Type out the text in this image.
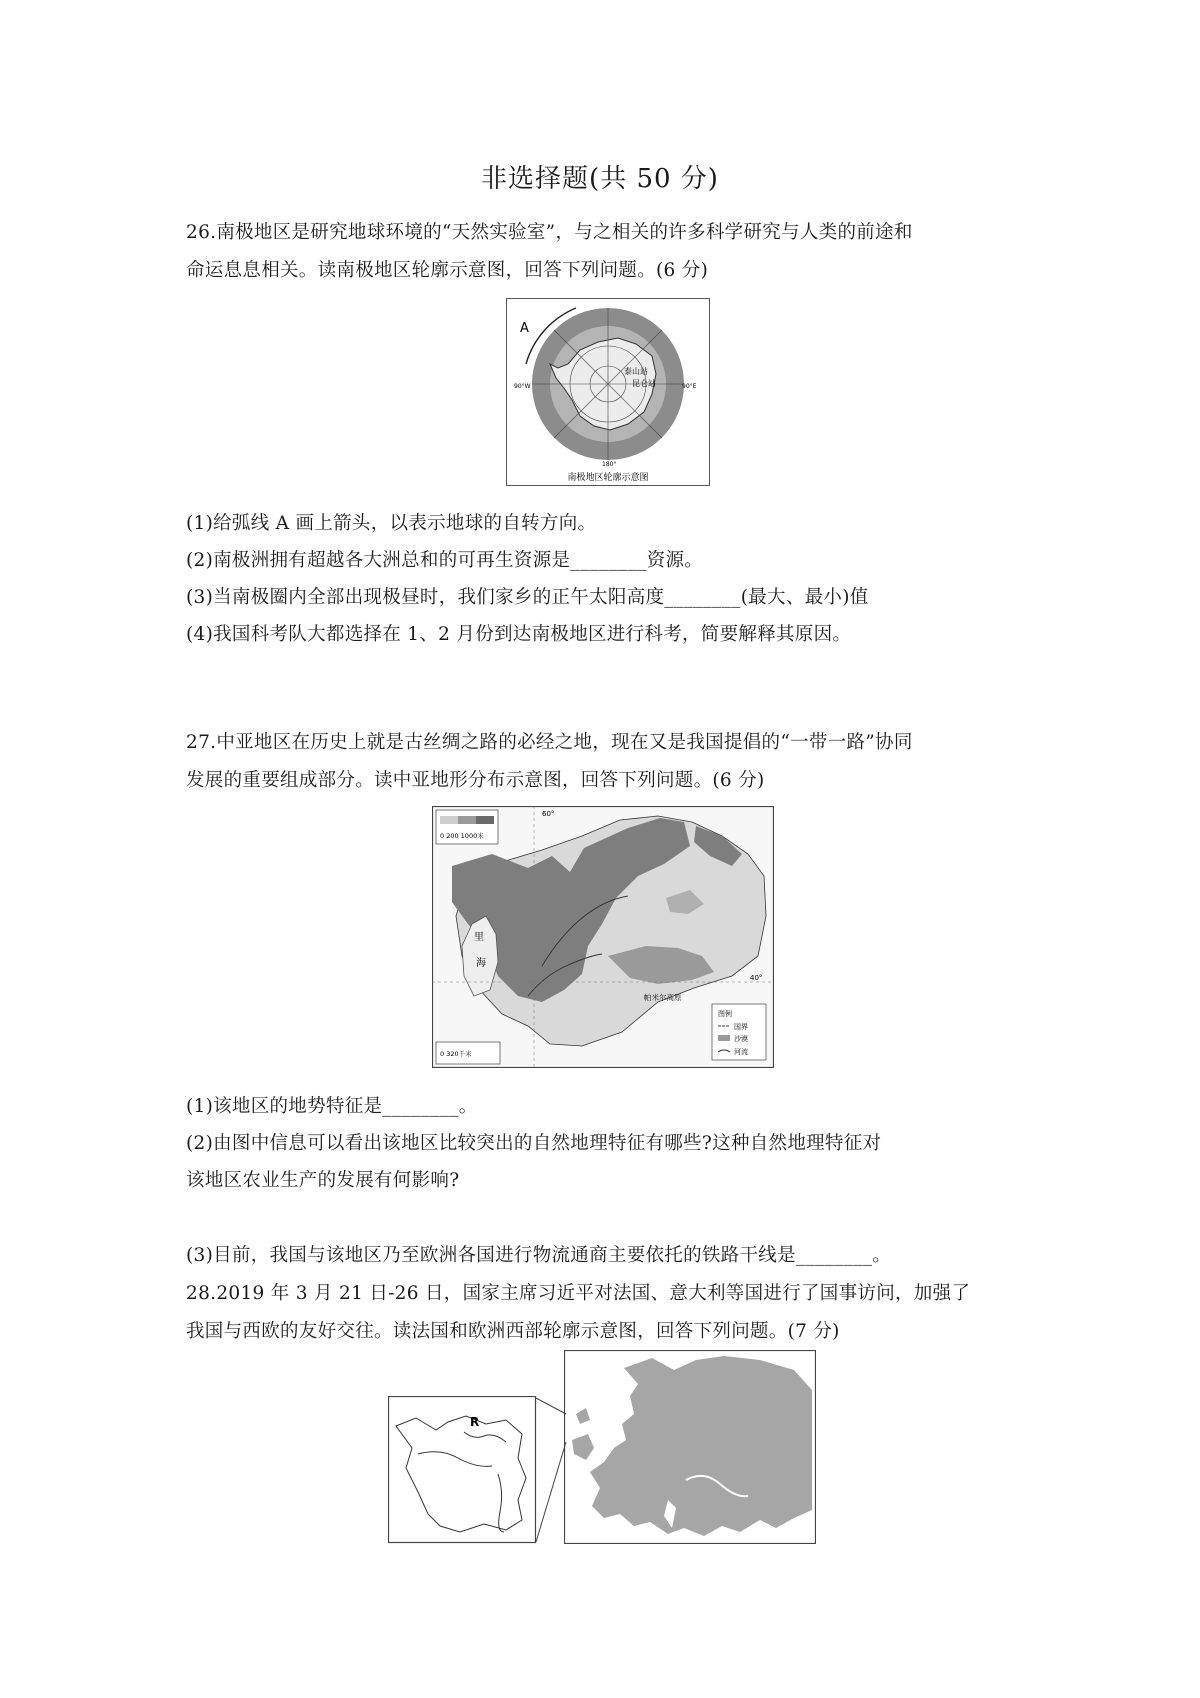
非选择题(共 50 分)
26.南极地区是研究地球环境的“天然实验室”，与之相关的许多科学研究与人类的前途和
命运息息相关。读南极地区轮廓示意图，回答下列问题。(6 分)
A
90°W	90°E
180°
泰山站
昆仑站
南极地区轮廓示意图
(1)给弧线 A 画上箭头，以表示地球的自转方向。
(2)南极洲拥有超越各大洲总和的可再生资源是________资源。
(3)当南极圈内全部出现极昼时，我们家乡的正午太阳高度________(最大、最小)值
(4)我国科考队大都选择在 1、2 月份到达南极地区进行科考，简要解释其原因。
27.中亚地区在历史上就是古丝绸之路的必经之地，现在又是我国提倡的“一带一路”协同
发展的重要组成部分。读中亚地形分布示意图，回答下列问题。(6 分)
0 200 1000米
60°
40°
里
海
帕米尔高原
0 320千米
图例
国界
沙漠
河流
(1)该地区的地势特征是________。
(2)由图中信息可以看出该地区比较突出的自然地理特征有哪些?这种自然地理特征对
该地区农业生产的发展有何影响?
(3)目前，我国与该地区乃至欧洲各国进行物流通商主要依托的铁路干线是________。
28.2019 年 3 月 21 日-26 日，国家主席习近平对法国、意大利等国进行了国事访问，加强了
我国与西欧的友好交往。读法国和欧洲西部轮廓示意图，回答下列问题。(7 分)
R
